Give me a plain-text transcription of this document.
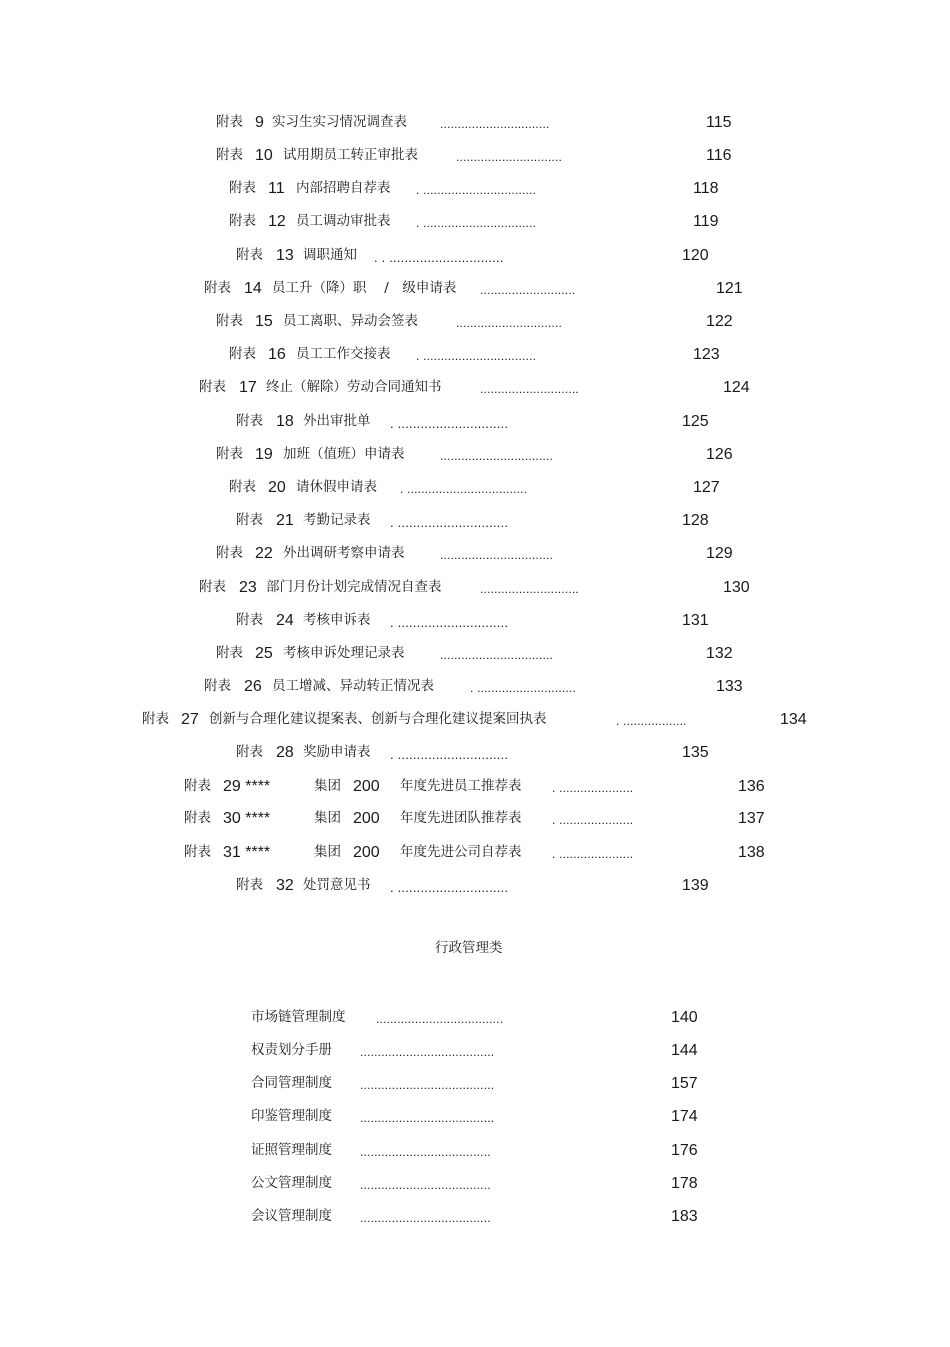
附表 9 实习生实习情况调查表	...............................	115
附表 10 试用期员工转正审批表	..............................	116
附表 11 内部招聘自荐表 . ................................	118
附表 12 员工调动审批表 . ................................	119
附表 13 调职通知 . . ..............................	120
附表 14 员工升（降）职　 /　级申请表 ...........................	121
附表 15 员工离职、异动会签表	..............................	122
附表 16 员工工作交接表 . ................................	123
附表 17 终止（解除）劳动合同通知书	............................	124
附表 18 外出审批单 . .............................	125
附表 19 加班（值班）申请表	................................	126
附表 20 请休假申请表 . ..................................	127
附表 21 考勤记录表 . .............................	128
附表 22 外出调研考察申请表	................................	129
附表 23 部门月份计划完成情况自查表	............................	130
附表 24 考核申诉表 . .............................	131
附表 25 考核申诉处理记录表	................................	132
附表 26 员工增减、异动转正情况表	. ............................	133
附表 27 创新与合理化建议提案表、创新与合理化建议提案回执表	. ..................	134
附表 28 奖励申请表 . .............................	135
附表 29 ****	集团 200 年度先进员工推荐表	. .....................	136
附表 30 ****	集团 200 年度先进团队推荐表	. .....................	137
附表 31 ****	集团 200 年度先进公司自荐表	. .....................	138
附表 32 处罚意见书 . .............................	139
行政管理类
市场链管理制度	....................................	140
权责划分手册 ......................................	144
合同管理制度 ......................................	157
印鉴管理制度 ......................................	174
证照管理制度 .....................................	176
公文管理制度 .....................................	178
会议管理制度 .....................................	183
